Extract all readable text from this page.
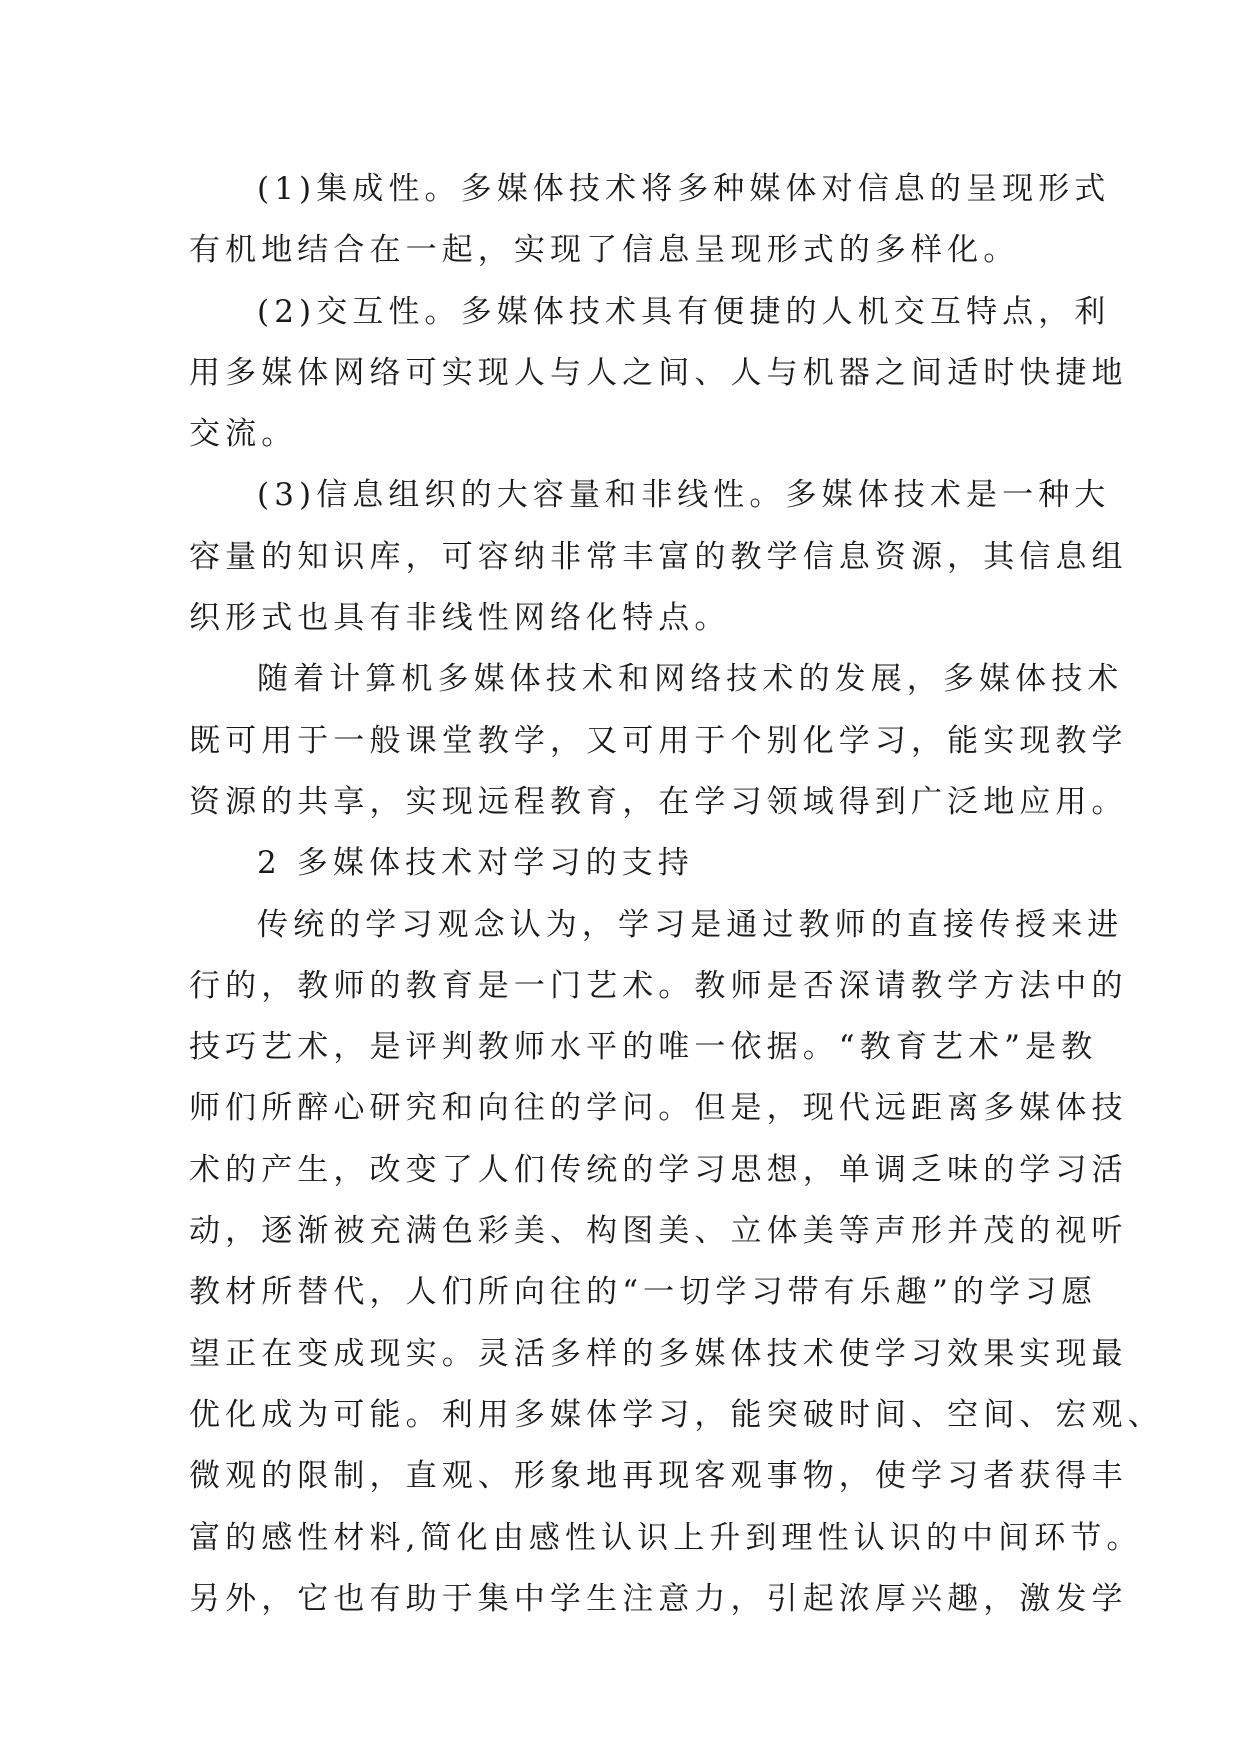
(1)集成性。多媒体技术将多种媒体对信息的呈现形式
有机地结合在一起，实现了信息呈现形式的多样化。
(2)交互性。多媒体技术具有便捷的人机交互特点，利
用多媒体网络可实现人与人之间、人与机器之间适时快捷地
交流。
(3)信息组织的大容量和非线性。多媒体技术是一种大
容量的知识库，可容纳非常丰富的教学信息资源，其信息组
织形式也具有非线性网络化特点。
随着计算机多媒体技术和网络技术的发展，多媒体技术
既可用于一般课堂教学，又可用于个别化学习，能实现教学
资源的共享，实现远程教育，在学习领域得到广泛地应用。
2 多媒体技术对学习的支持
传统的学习观念认为，学习是通过教师的直接传授来进
行的，教师的教育是一门艺术。教师是否深请教学方法中的
技巧艺术，是评判教师水平的唯一依据。“教育艺术”是教
师们所醉心研究和向往的学问。但是，现代远距离多媒体技
术的产生，改变了人们传统的学习思想，单调乏味的学习活
动，逐渐被充满色彩美、构图美、立体美等声形并茂的视听
教材所替代，人们所向往的“一切学习带有乐趣”的学习愿
望正在变成现实。灵活多样的多媒体技术使学习效果实现最
优化成为可能。利用多媒体学习，能突破时间、空间、宏观、
微观的限制，直观、形象地再现客观事物，使学习者获得丰
富的感性材料,简化由感性认识上升到理性认识的中间环节。
另外，它也有助于集中学生注意力，引起浓厚兴趣，激发学
